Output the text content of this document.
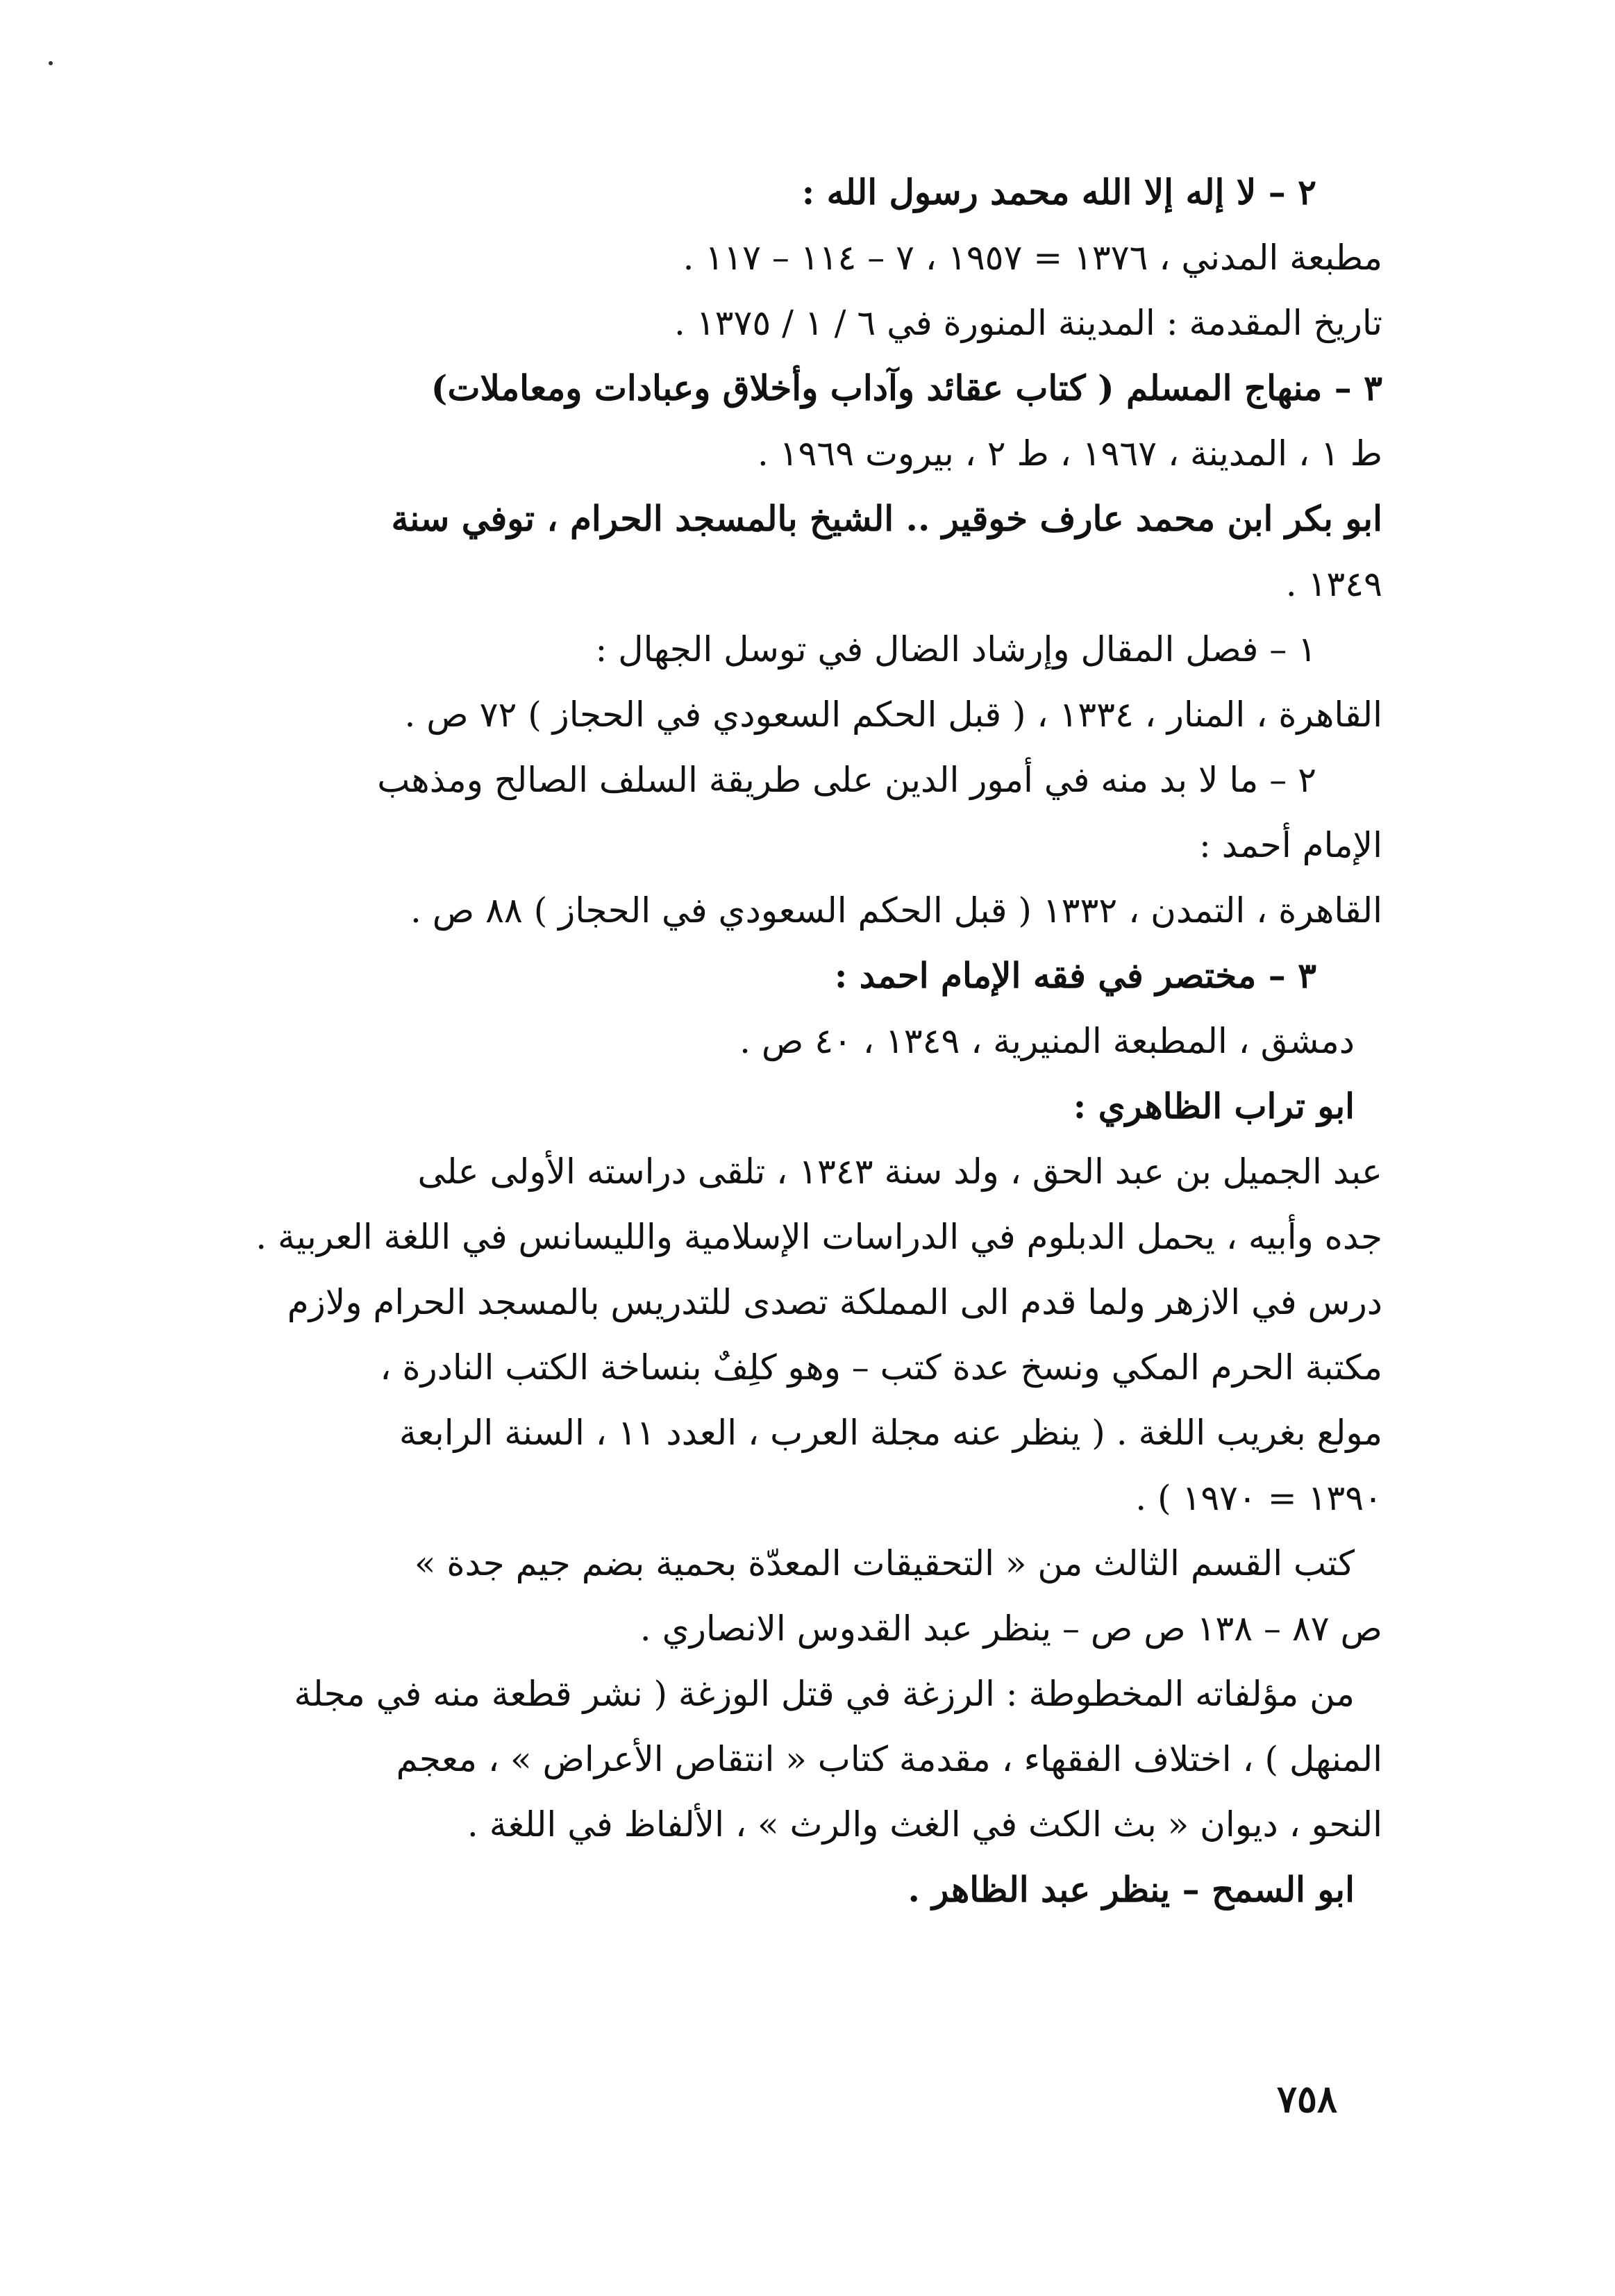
٢ – لا إله إلا الله محمد رسول الله :
مطبعة المدني ، ١٣٧٦ = ١٩٥٧ ، ٧ – ١١٤ – ١١٧ .
تاريخ المقدمة : المدينة المنورة في ٦ / ١ / ١٣٧٥ .
٣ – منهاج المسلم ( كتاب عقائد وآداب وأخلاق وعبادات ومعاملات)
ط ١ ، المدينة ، ١٩٦٧ ، ط ٢ ، بيروت ١٩٦٩ .
ابو بكر ابن محمد عارف خوقير .. الشيخ بالمسجد الحرام ، توفي سنة
١٣٤٩ .
١ – فصل المقال وإرشاد الضال في توسل الجهال :
القاهرة ، المنار ، ١٣٣٤ ، ( قبل الحكم السعودي في الحجاز ) ٧٢ ص .
٢ – ما لا بد منه في أمور الدين على طريقة السلف الصالح ومذهب
الإمام أحمد :
القاهرة ، التمدن ، ١٣٣٢ ( قبل الحكم السعودي في الحجاز ) ٨٨ ص .
٣ – مختصر في فقه الإمام احمد :
دمشق ، المطبعة المنيرية ، ١٣٤٩ ، ٤٠ ص .
ابو تراب الظاهري :
عبد الجميل بن عبد الحق ، ولد سنة ١٣٤٣ ، تلقى دراسته الأولى على
جده وأبيه ، يحمل الدبلوم في الدراسات الإسلامية والليسانس في اللغة العربية .
درس في الازهر ولما قدم الى المملكة تصدى للتدريس بالمسجد الحرام ولازم
مكتبة الحرم المكي ونسخ عدة كتب – وهو كلِفٌ بنساخة الكتب النادرة ،
مولع بغريب اللغة . ( ينظر عنه مجلة العرب ، العدد ١١ ، السنة الرابعة
١٣٩٠ = ١٩٧٠ ) .
كتب القسم الثالث من « التحقيقات المعدّة بحمية بضم جيم جدة »
ص ٨٧ – ١٣٨ ص ص – ينظر عبد القدوس الانصاري .
من مؤلفاته المخطوطة : الرزغة في قتل الوزغة ( نشر قطعة منه في مجلة
المنهل ) ، اختلاف الفقهاء ، مقدمة كتاب « انتقاص الأعراض » ، معجم
النحو ، ديوان « بث الكث في الغث والرث » ، الألفاظ في اللغة .
ابو السمح – ينظر عبد الظاهر .
٧٥٨
